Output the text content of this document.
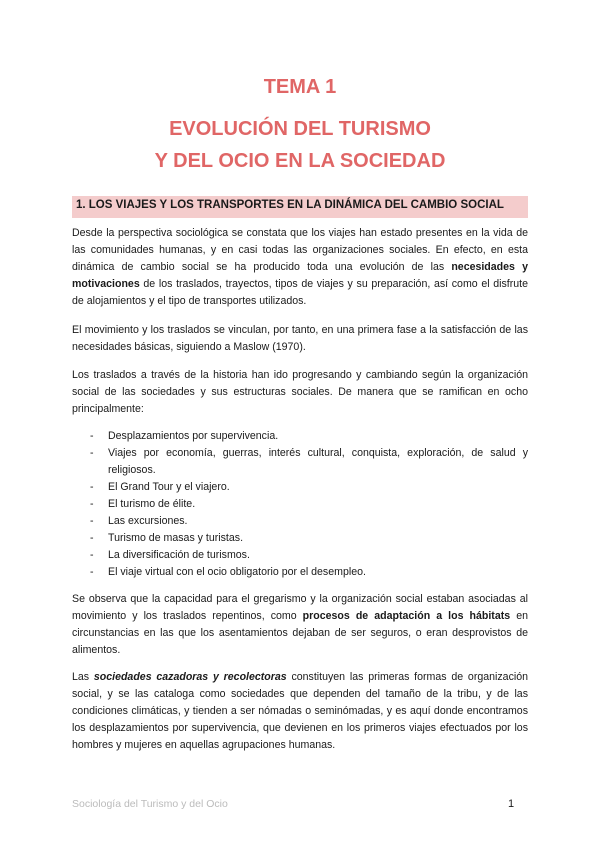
TEMA 1
EVOLUCIÓN DEL TURISMO
Y DEL OCIO EN LA SOCIEDAD
1. LOS VIAJES Y LOS TRANSPORTES EN LA DINÁMICA DEL CAMBIO SOCIAL
Desde la perspectiva sociológica se constata que los viajes han estado presentes en la vida de las comunidades humanas, y en casi todas las organizaciones sociales. En efecto, en esta dinámica de cambio social se ha producido toda una evolución de las necesidades y motivaciones de los traslados, trayectos, tipos de viajes y su preparación, así como el disfrute de alojamientos y el tipo de transportes utilizados.
El movimiento y los traslados se vinculan, por tanto, en una primera fase a la satisfacción de las necesidades básicas, siguiendo a Maslow (1970).
Los traslados a través de la historia han ido progresando y cambiando según la organización social de las sociedades y sus estructuras sociales. De manera que se ramifican en ocho principalmente:
- Desplazamientos por supervivencia.
- Viajes por economía, guerras, interés cultural, conquista, exploración, de salud y religiosos.
- El Grand Tour y el viajero.
- El turismo de élite.
- Las excursiones.
- Turismo de masas y turistas.
- La diversificación de turismos.
- El viaje virtual con el ocio obligatorio por el desempleo.
Se observa que la capacidad para el gregarismo y la organización social estaban asociadas al movimiento y los traslados repentinos, como procesos de adaptación a los hábitats en circunstancias en las que los asentamientos dejaban de ser seguros, o eran desprovistos de alimentos.
Las sociedades cazadoras y recolectoras constituyen las primeras formas de organización social, y se las cataloga como sociedades que dependen del tamaño de la tribu, y de las condiciones climáticas, y tienden a ser nómadas o seminómadas, y es aquí donde encontramos los desplazamientos por supervivencia, que devienen en los primeros viajes efectuados por los hombres y mujeres en aquellas agrupaciones humanas.
Sociología del Turismo y del Ocio	1
